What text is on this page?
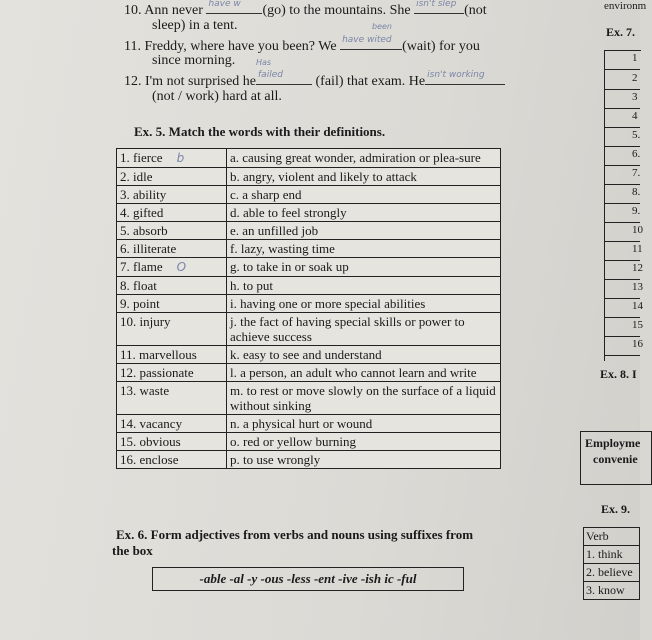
10. Ann never have w (go) to the mountains. She isn't slep (not
sleep) in a tent.	been
11. Freddy, where have you been? We have wited (wait) for you
since morning.	Has
12. I'm not surprised he failed (fail) that exam. He isn't working
(not / work) hard at all.
Ex. 5. Match the words with their definitions.
1. fierce b	a. causing great wonder, admiration or plea-sure
2. idle	b. angry, violent and likely to attack
3. ability	c. a sharp end
4. gifted	d. able to feel strongly
5. absorb	e. an unfilled job
6. illiterate	f. lazy, wasting time
7. flame O	g. to take in or soak up
8. float	h. to put
9. point	i. having one or more special abilities
10. injury	j. the fact of having special skills or power to achieve success
11. marvellous	k. easy to see and understand
12. passionate	l. a person, an adult who cannot learn and write
13. waste	m. to rest or move slowly on the surface of a liquid without sinking
14. vacancy	n. a physical hurt or wound
15. obvious	o. red or yellow burning
16. enclose	p. to use wrongly
Ex. 6. Form adjectives from verbs and nouns using suffixes from
the box
-able -al -y -ous -less -ent -ive -ish ic -ful
environm
Ex. 7.
1
2
3
4
5.
6.
7.
8.
9.
10
11
12
13
14
15
16
Ex. 8. I
Employme
convenie
Ex. 9.
Verb
1. think
2. believe
3. know
